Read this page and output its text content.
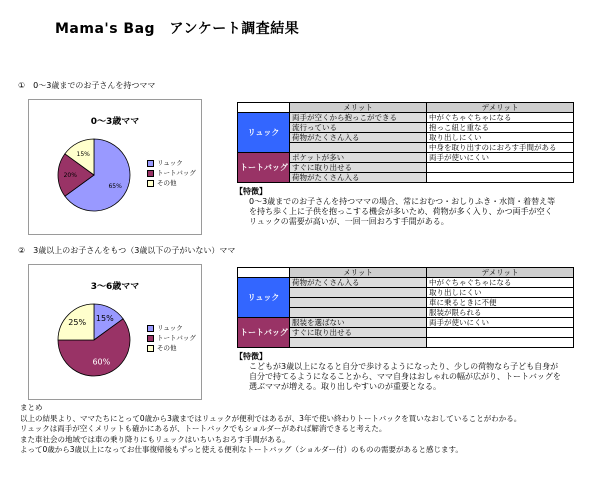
Mama's Bag　アンケート調査結果
①　0～3歳までのお子さんを持つママ
0～3歳ママ
65%
20%
15%
リュック
トートバッグ
その他
	メリット	デメリット
リュック	両手が空くから抱っこができる	中がぐちゃぐちゃになる
	流行っている	抱っこ紐と重なる
	荷物がたくさん入る	取り出しにくい
		中身を取り出すのにおろす手間がある
トートバッグ	ポケットが多い	両手が使いにくい
	すぐに取り出せる	
	荷物がたくさん入る	
【特徴】
0～3歳までのお子さんを持つママの場合、常におむつ・おしりふき・水筒・着替え等
を持ち歩く上に子供を抱っこする機会が多いため、荷物が多く入り、かつ両手が空く
リュックの需要が高いが、一回一回おろす手間がある。
②　3歳以上のお子さんをもつ（3歳以下の子がいない）ママ
3～6歳ママ
15%
60%
25%
リュック
トートバッグ
その他
	メリット	デメリット
リュック	荷物がたくさん入る	中がぐちゃぐちゃになる
		取り出しにくい
		車に乗るときに不便
		服装が限られる
トートバッグ	服装を選ばない	両手が使いにくい
	すぐに取り出せる	

【特徴】
こどもが3歳以上になると自分で歩けるようになったり、少しの荷物なら子ども自身が
自分で持てるようになることから、ママ自身はおしゃれの幅が広がり、トートバッグを
選ぶママが増える。取り出しやすいのが重要となる。
まとめ
以上の結果より、ママたちにとって0歳から3歳まではリュックが便利ではあるが、3年で使い終わりトートバックを買いなおしていることがわかる。
リュックは両手が空くメリットも確かにあるが、トートバックでもショルダーがあれば解消できると考えた。
また車社会の地域では車の乗り降りにもリュックはいちいちおろす手間がある。
よって0歳から3歳以上になってお仕事復帰後もずっと使える便利なトートバッグ（ショルダー付）のものの需要があると感じます。
